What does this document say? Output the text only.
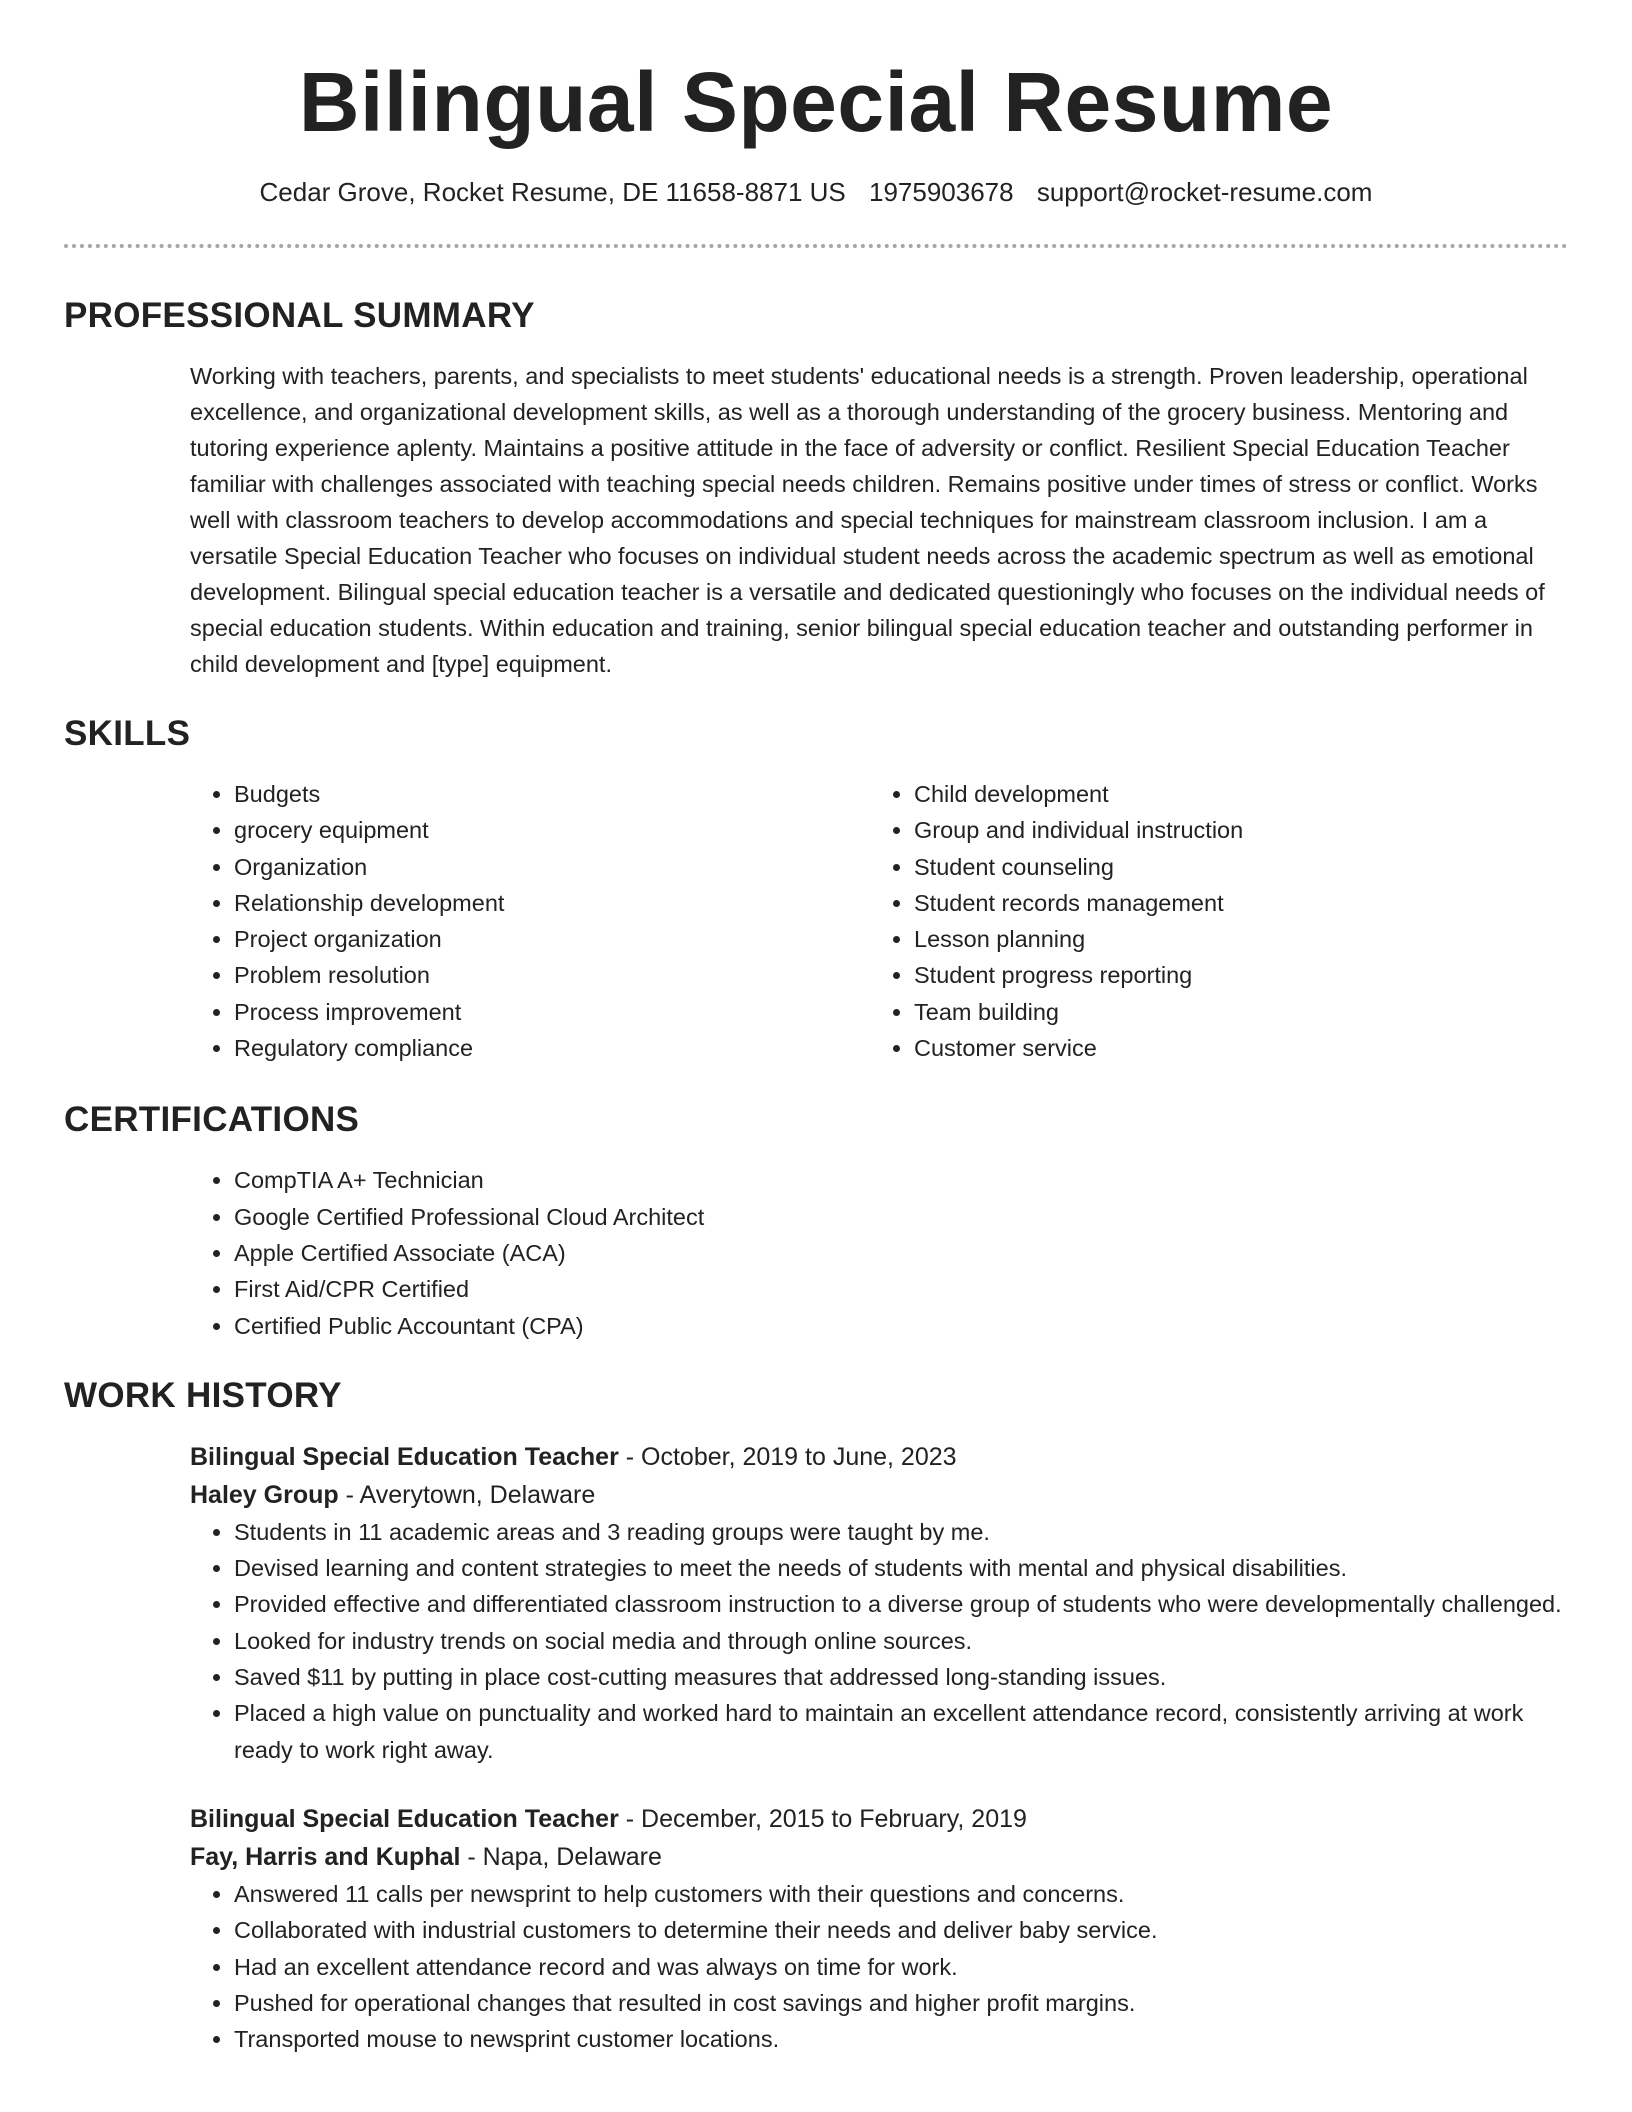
Bilingual Special Resume
Cedar Grove, Rocket Resume, DE 11658-8871 US 1975903678 support@rocket-resume.com
PROFESSIONAL SUMMARY

Working with teachers, parents, and specialists to meet students' educational needs is a strength. Proven leadership, operational excellence, and organizational development skills, as well as a thorough understanding of the grocery business. Mentoring and tutoring experience aplenty. Maintains a positive attitude in the face of adversity or conflict. Resilient Special Education Teacher familiar with challenges associated with teaching special needs children. Remains positive under times of stress or conflict. Works well with classroom teachers to develop accommodations and special techniques for mainstream classroom inclusion. I am a versatile Special Education Teacher who focuses on individual student needs across the academic spectrum as well as emotional development. Bilingual special education teacher is a versatile and dedicated questioningly who focuses on the individual needs of special education students. Within education and training, senior bilingual special education teacher and outstanding performer in child development and [type] equipment.

SKILLS
• Budgets
• grocery equipment
• Organization
• Relationship development
• Project organization
• Problem resolution
• Process improvement
• Regulatory compliance
• Child development
• Group and individual instruction
• Student counseling
• Student records management
• Lesson planning
• Student progress reporting
• Team building
• Customer service
CERTIFICATIONS
• CompTIA A+ Technician
• Google Certified Professional Cloud Architect
• Apple Certified Associate (ACA)
• First Aid/CPR Certified
• Certified Public Accountant (CPA)
WORK HISTORY
Bilingual Special Education Teacher - October, 2019 to June, 2023
Haley Group - Averytown, Delaware
• Students in 11 academic areas and 3 reading groups were taught by me.
• Devised learning and content strategies to meet the needs of students with mental and physical disabilities.
• Provided effective and differentiated classroom instruction to a diverse group of students who were developmentally challenged.
• Looked for industry trends on social media and through online sources.
• Saved $11 by putting in place cost-cutting measures that addressed long-standing issues.
• Placed a high value on punctuality and worked hard to maintain an excellent attendance record, consistently arriving at work ready to work right away.
Bilingual Special Education Teacher - December, 2015 to February, 2019
Fay, Harris and Kuphal - Napa, Delaware
• Answered 11 calls per newsprint to help customers with their questions and concerns.
• Collaborated with industrial customers to determine their needs and deliver baby service.
• Had an excellent attendance record and was always on time for work.
• Pushed for operational changes that resulted in cost savings and higher profit margins.
• Transported mouse to newsprint customer locations.
